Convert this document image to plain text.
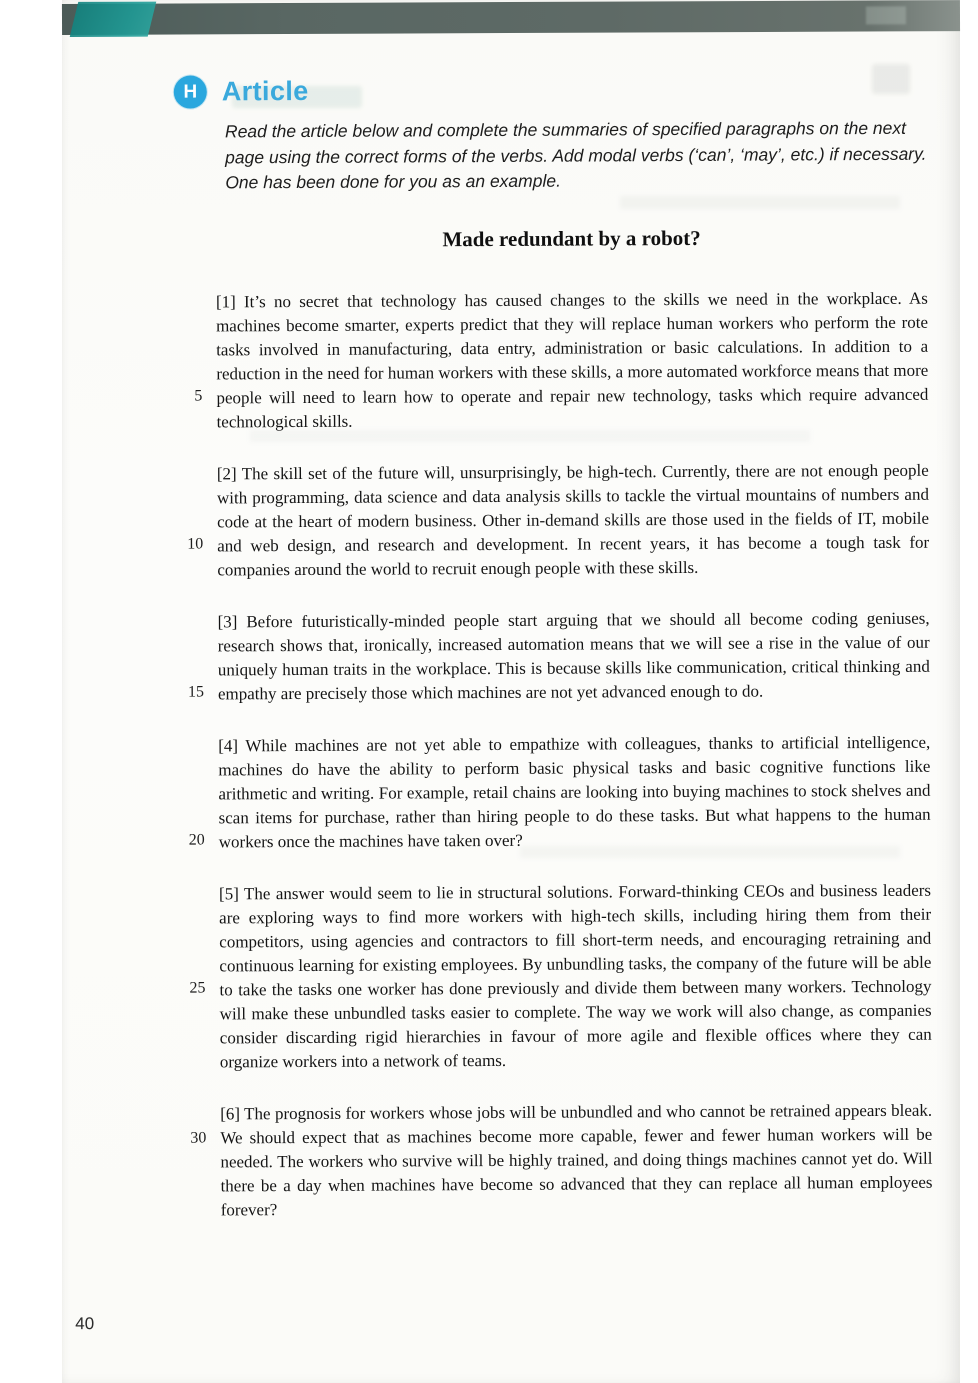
H Article
Read the article below and complete the summaries of specified paragraphs on the next page using the correct forms of the verbs. Add modal verbs (‘can’, ‘may’, etc.) if necessary. One has been done for you as an example.
Made redundant by a robot?

[1] It’s no secret that technology has caused changes to the skills we need in the workplace. As machines become smarter, experts predict that they will replace human workers who perform the rote tasks involved in manufacturing, data entry, administration or basic calculations. In addition to a reduction in the need for human workers with these skills, a more automated workforce means that more people will need to learn how to operate and repair new technology, tasks which require advanced technological skills.

[2] The skill set of the future will, unsurprisingly, be high-tech. Currently, there are not enough people with programming, data science and data analysis skills to tackle the virtual mountains of numbers and code at the heart of modern business. Other in-demand skills are those used in the fields of IT, mobile and web design, and research and development. In recent years, it has become a tough task for companies around the world to recruit enough people with these skills.

[3] Before futuristically-minded people start arguing that we should all become coding geniuses, research shows that, ironically, increased automation means that we will see a rise in the value of our uniquely human traits in the workplace. This is because skills like communication, critical thinking and empathy are precisely those which machines are not yet advanced enough to do.

[4] While machines are not yet able to empathize with colleagues, thanks to artificial intelligence, machines do have the ability to perform basic physical tasks and basic cognitive functions like arithmetic and writing. For example, retail chains are looking into buying machines to stock shelves and scan items for purchase, rather than hiring people to do these tasks. But what happens to the human workers once the machines have taken over?

[5] The answer would seem to lie in structural solutions. Forward-thinking CEOs and business leaders are exploring ways to find more workers with high-tech skills, including hiring them from their competitors, using agencies and contractors to fill short-term needs, and encouraging retraining and continuous learning for existing employees. By unbundling tasks, the company of the future will be able to take the tasks one worker has done previously and divide them between many workers. Technology will make these unbundled tasks easier to complete. The way we work will also change, as companies consider discarding rigid hierarchies in favour of more agile and flexible offices where they can organize workers into a network of teams.

[6] The prognosis for workers whose jobs will be unbundled and who cannot be retrained appears bleak. We should expect that as machines become more capable, fewer and fewer human workers will be needed. The workers who survive will be highly trained, and doing things machines cannot yet do. Will there be a day when machines have become so advanced that they can replace all human employees forever?

5
10
15
20
25
30
40
